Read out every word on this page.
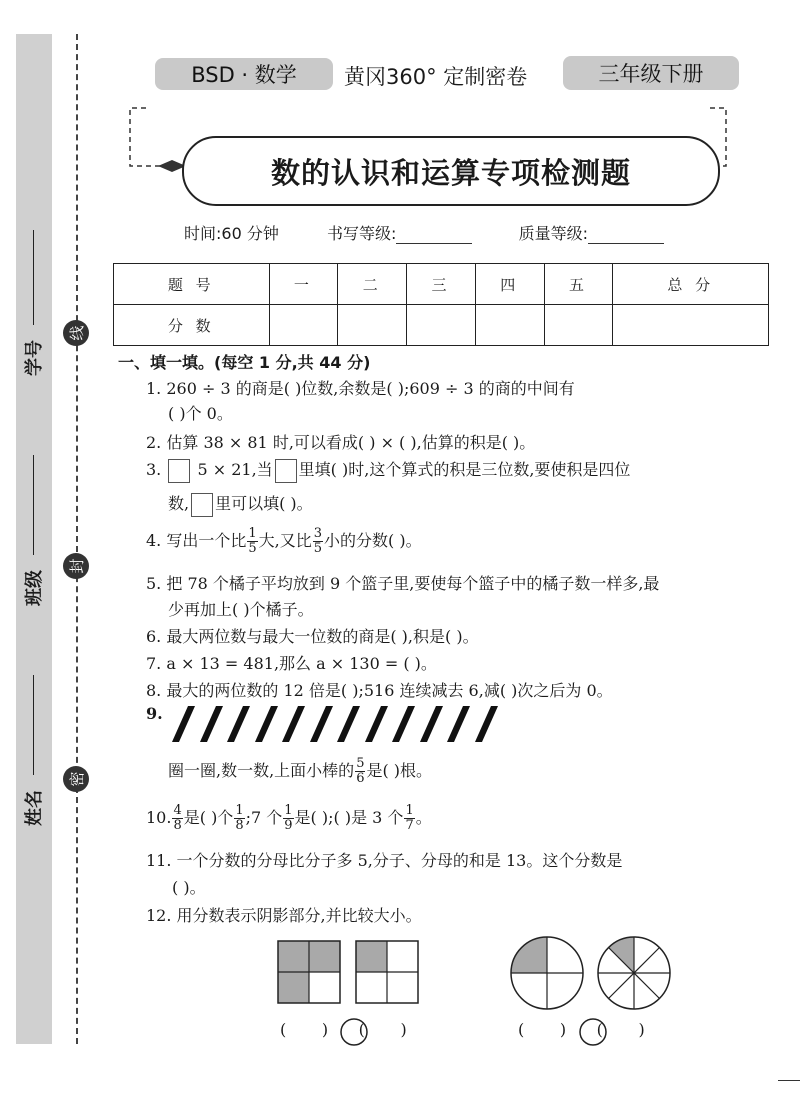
学号
班级
姓名
线
封
密
BSD · 数学	黄冈360° 定制密卷	三年级下册
数的认识和运算专项检测题
时间:60 分钟	书写等级:	质量等级:
题 号	一	二	三	四	五	总 分
分 数						
一、填一填。(每空 1 分,共 44 分)
1. 260 ÷ 3 的商是( )位数,余数是( );609 ÷ 3 的商的中间有
( )个 0。
2. 估算 38 × 81 时,可以看成( ) × ( ),估算的积是( )。
3. 5 × 21,当 里填( )时,这个算式的积是三位数,要使积是四位
数, 里可以填( )。
4. 写出一个比 $\frac{1}{5}$ 大,又比 $\frac{3}{5}$ 小的分数( )。
5. 把 78 个橘子平均放到 9 个篮子里,要使每个篮子中的橘子数一样多,最
少再加上( )个橘子。
6. 最大两位数与最大一位数的商是( ),积是( )。
7. a × 13 = 481,那么 a × 130 = ( )。
8. 最大的两位数的 12 倍是( );516 连续减去 6,减( )次之后为 0。
9.
圈一圈,数一数,上面小棒的 $\frac{5}{6}$ 是( )根。
10. $\frac{4}{8}$ 是( )个 $\frac{1}{8}$ ;7 个 $\frac{1}{9}$ 是( );( )是 3 个 $\frac{1}{7}$ 。
11. 一个分数的分母比分子多 5,分子、分母的和是 13。这个分数是
( )。
12. 用分数表示阴影部分,并比较大小。
(       )      (       )	(       )      (       )
